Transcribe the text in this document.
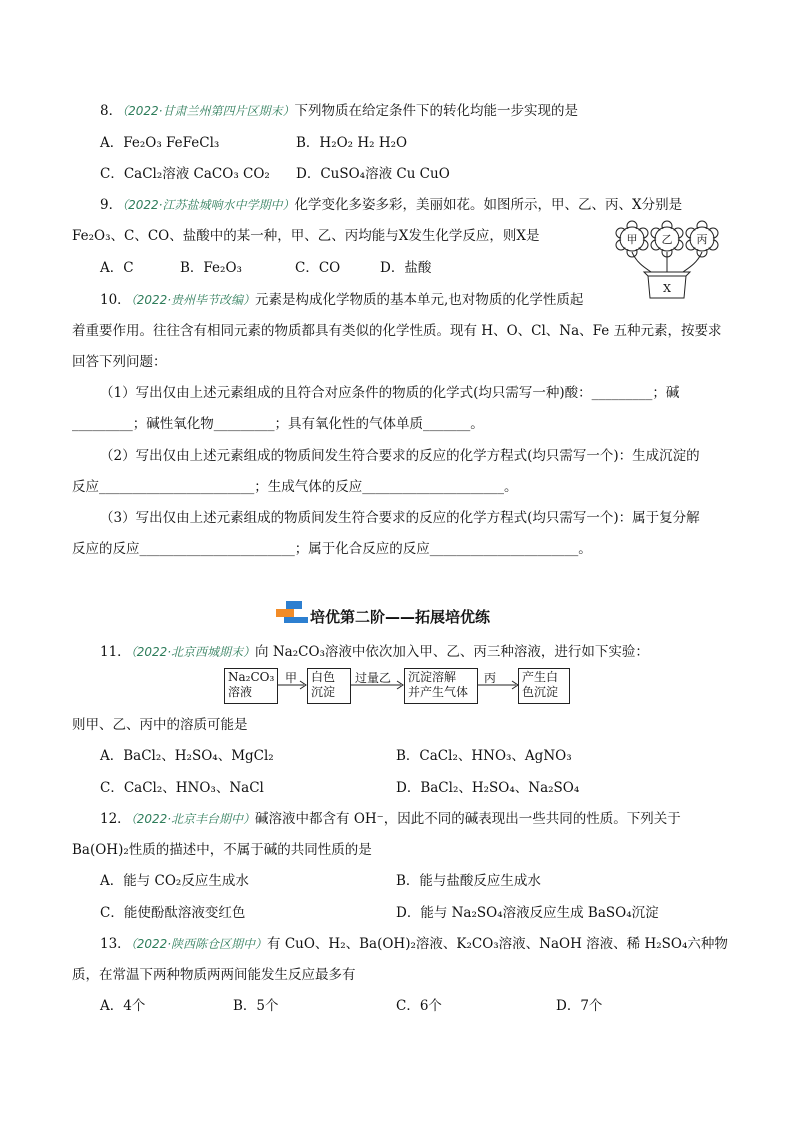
8．（2022·甘肃兰州第四片区期末）下列物质在给定条件下的转化均能一步实现的是
A．Fe₂O₃ FeFeCl₃	B．H₂O₂ H₂ H₂O
C．CaCl₂溶液 CaCO₃ CO₂ D．CuSO₄溶液 Cu CuO
9．（2022·江苏盐城响水中学期中）化学变化多姿多彩，美丽如花。如图所示，甲、乙、丙、X分别是
Fe₂O₃、C、CO、盐酸中的某一种，甲、乙、丙均能与X发生化学反应，则X是
A．C	B．Fe₂O₃	C．CO	D．盐酸
甲 乙 丙
X
10．（2022·贵州毕节改编）元素是构成化学物质的基本单元,也对物质的化学性质起
着重要作用。往往含有相同元素的物质都具有类似的化学性质。现有 H、O、Cl、Na、Fe 五种元素，按要求
回答下列问题：
（1）写出仅由上述元素组成的且符合对应条件的物质的化学式(均只需写一种)酸：_________；碱
_________；碱性氧化物_________；具有氧化性的气体单质_______。
（2）写出仅由上述元素组成的物质间发生符合要求的反应的化学方程式(均只需写一个)：生成沉淀的
反应_______________________；生成气体的反应_____________________。
（3）写出仅由上述元素组成的物质间发生符合要求的反应的化学方程式(均只需写一个)：属于复分解
反应的反应_______________________；属于化合反应的反应______________________。
培优第二阶——拓展培优练
11．（2022·北京西城期末）向 Na₂CO₃溶液中依次加入甲、乙、丙三种溶液，进行如下实验：
Na₂CO₃
溶液
甲 白色
沉淀
过量乙 沉淀溶解
并产生气体
丙 产生白
色沉淀
则甲、乙、丙中的溶质可能是
A．BaCl₂、H₂SO₄、MgCl₂	B．CaCl₂、HNO₃、AgNO₃
C．CaCl₂、HNO₃、NaCl	D．BaCl₂、H₂SO₄、Na₂SO₄
12．（2022·北京丰台期中）碱溶液中都含有 OH⁻，因此不同的碱表现出一些共同的性质。下列关于
Ba(OH)₂性质的描述中，不属于碱的共同性质的是
A．能与 CO₂反应生成水	B．能与盐酸反应生成水
C．能使酚酞溶液变红色	D．能与 Na₂SO₄溶液反应生成 BaSO₄沉淀
13．（2022·陕西陈仓区期中）有 CuO、H₂、Ba(OH)₂溶液、K₂CO₃溶液、NaOH 溶液、稀 H₂SO₄六种物
质，在常温下两种物质两两间能发生反应最多有
A．4个	B．5个	C．6个	D．7个
